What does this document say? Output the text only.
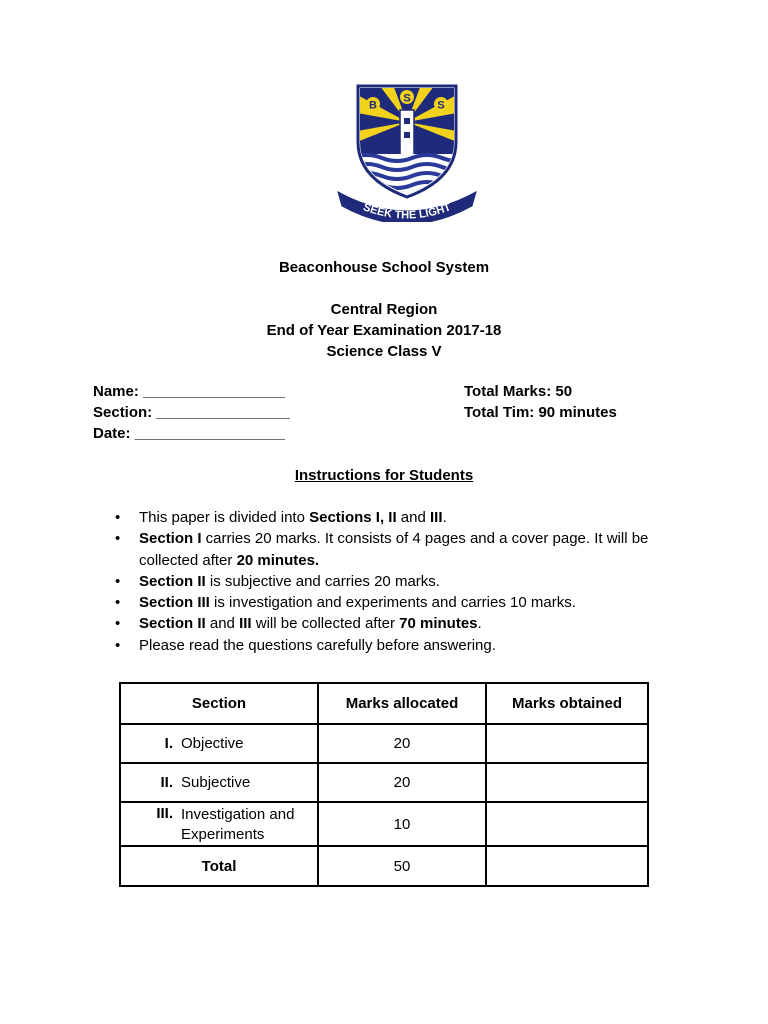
B
S
S
SEEK THE LIGHT
Beaconhouse School System
Central Region
End of Year Examination 2017-18
Science Class V
Name: _________________
Section: ________________
Date: __________________
Total Marks: 50
Total Tim: 90 minutes
Instructions for Students
• This paper is divided into Sections I, II and III.
• Section I carries 20 marks. It consists of 4 pages and a cover page. It will be collected after 20 minutes.
• Section II is subjective and carries 20 marks.
• Section III is investigation and experiments and carries 10 marks.
• Section II and III will be collected after 70 minutes.
• Please read the questions carefully before answering.
Section	Marks allocated	Marks obtained

I. Objective	20	

II. Subjective	20	

III. Investigation and Experiments	10	
Total	50	
